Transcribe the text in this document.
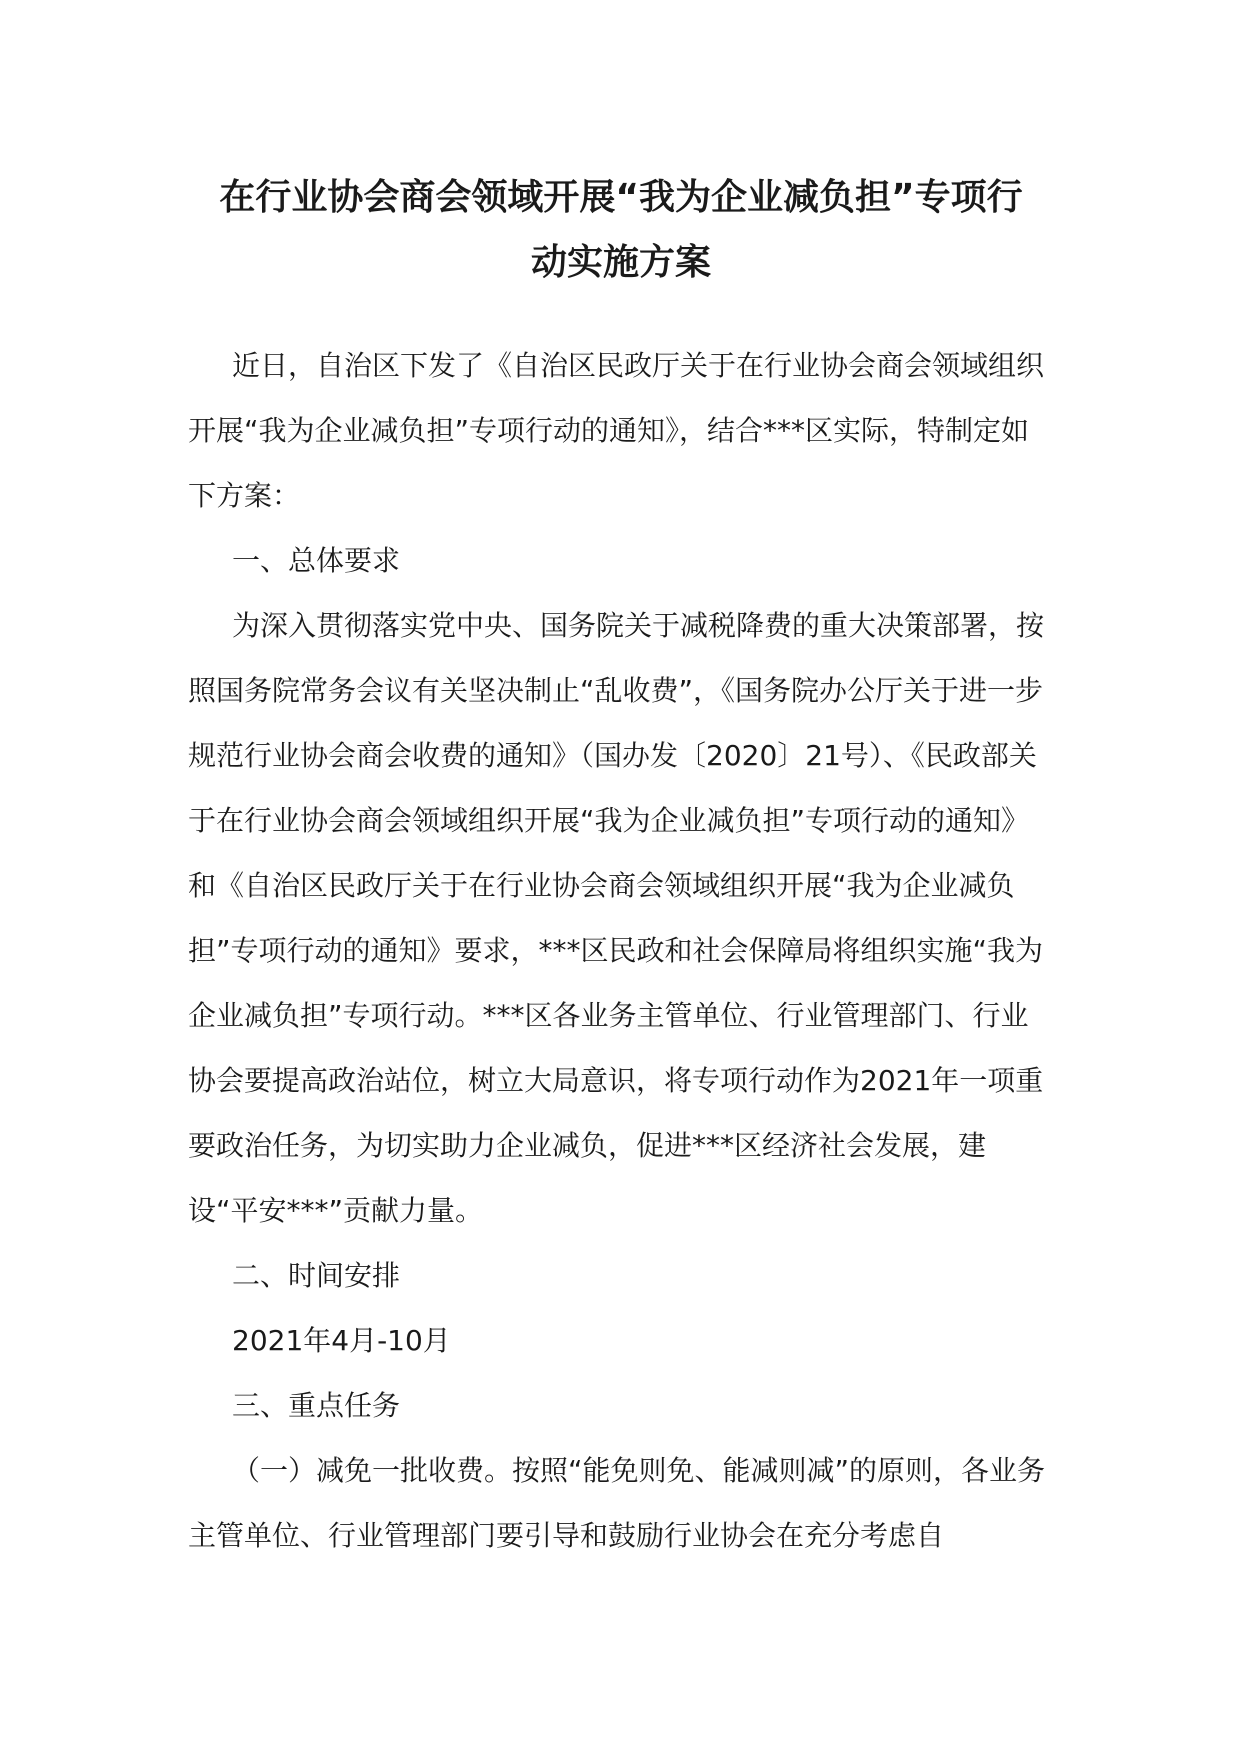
在行业协会商会领域开展“我为企业减负担”专项行
动实施方案

近日，自治区下发了《自治区民政厅关于在行业协会商会领域组织开展“我为企业减负担”专项行动的通知》，结合***区实际，特制定如下方案：

一、总体要求

为深入贯彻落实党中央、国务院关于减税降费的重大决策部署，按照国务院常务会议有关坚决制止“乱收费”，《国务院办公厅关于进一步规范行业协会商会收费的通知》（国办发〔2020〕21号）、《民政部关于在行业协会商会领域组织开展“我为企业减负担”专项行动的通知》和《自治区民政厅关于在行业协会商会领域组织开展“我为企业减负担”专项行动的通知》要求，***区民政和社会保障局将组织实施“我为企业减负担”专项行动。***区各业务主管单位、行业管理部门、行业协会要提高政治站位，树立大局意识，将专项行动作为2021年一项重要政治任务，为切实助力企业减负，促进***区经济社会发展，建设“平安***”贡献力量。

二、时间安排

2021年4月-10月

三、重点任务

（一）减免一批收费。按照“能免则免、能减则减”的原则，各业务主管单位、行业管理部门要引导和鼓励行业协会在充分考虑自
